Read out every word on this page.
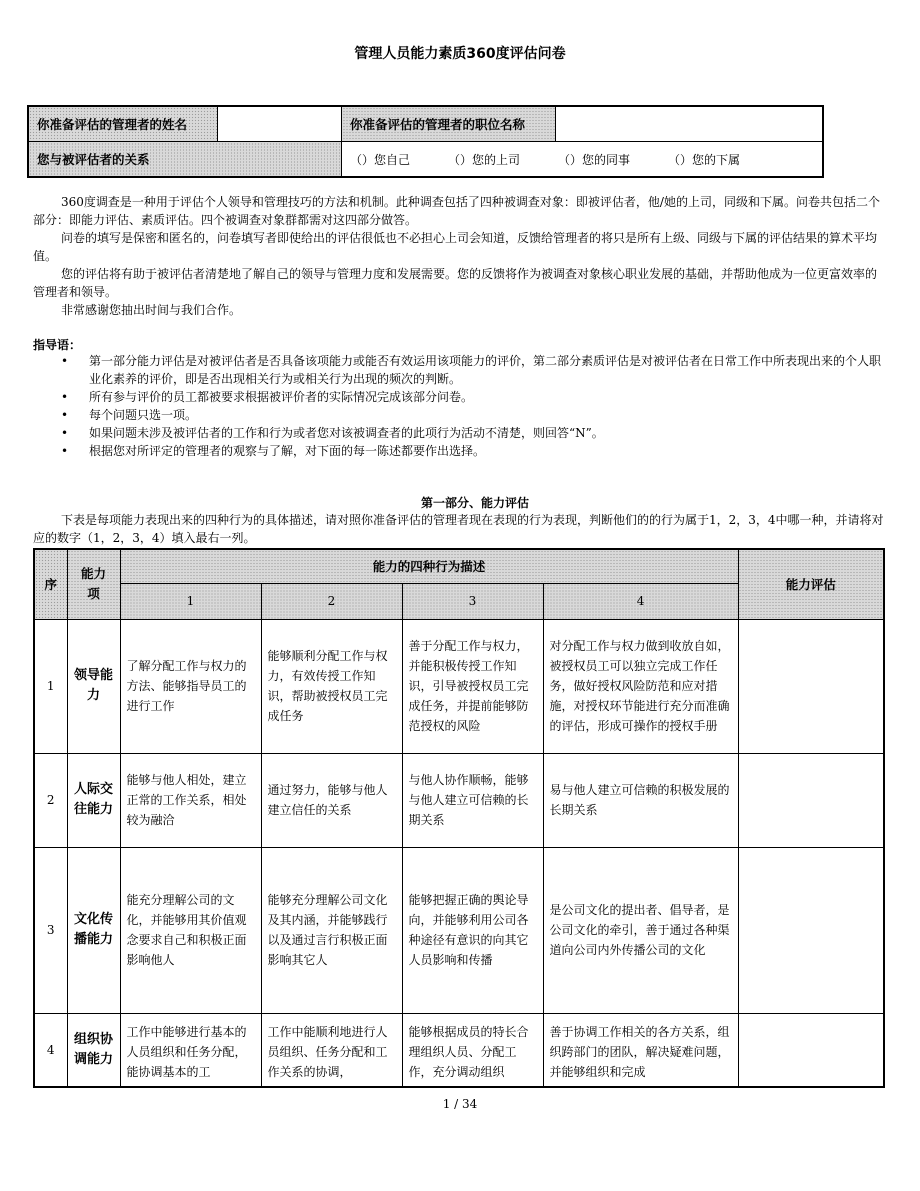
管理人员能力素质360度评估问卷
你准备评估的管理者的姓名		你准备评估的管理者的职位名称	
您与被评估者的关系		（）您自己 （）您的上司 （）您的同事 （）您的下属	

360度调查是一种用于评估个人领导和管理技巧的方法和机制。此种调查包括了四种被调查对象：即被评估者，他/她的上司，同级和下属。问卷共包括二个部分：即能力评估、素质评估。四个被调查对象群都需对这四部分做答。

问卷的填写是保密和匿名的，问卷填写者即使给出的评估很低也不必担心上司会知道，反馈给管理者的将只是所有上级、同级与下属的评估结果的算术平均值。

您的评估将有助于被评估者清楚地了解自己的领导与管理力度和发展需要。您的反馈将作为被调查对象核心职业发展的基础，并帮助他成为一位更富效率的管理者和领导。

非常感谢您抽出时间与我们合作。

指导语：
• 第一部分能力评估是对被评估者是否具备该项能力或能否有效运用该项能力的评价，第二部分素质评估是对被评估者在日常工作中所表现出来的个人职业化素养的评价，即是否出现相关行为或相关行为出现的频次的判断。
• 所有参与评价的员工都被要求根据被评价者的实际情况完成该部分问卷。
• 每个问题只选一项。
• 如果问题未涉及被评估者的工作和行为或者您对该被调查者的此项行为活动不清楚，则回答“N”。
• 根据您对所评定的管理者的观察与了解，对下面的每一陈述都要作出选择。
第一部分、能力评估

下表是每项能力表现出来的四种行为的具体描述，请对照你准备评估的管理者现在表现的行为表现，判断他们的的行为属于1，2，3，4中哪一种，并请将对应的数字（1，2，3，4）填入最右一列。

序	能力项	能力的四种行为描述				能力评估
		1	2	3	4	
1	领导能力	了解分配工作与权力的方法、能够指导员工的进行工作	能够顺利分配工作与权力，有效传授工作知识，帮助被授权员工完成任务	善于分配工作与权力，并能积极传授工作知识，引导被授权员工完成任务，并提前能够防范授权的风险	对分配工作与权力做到收放自如，被授权员工可以独立完成工作任务，做好授权风险防范和应对措施，对授权环节能进行充分而准确的评估，形成可操作的授权手册	
2	人际交往能力	能够与他人相处，建立正常的工作关系，相处较为融洽	通过努力，能够与他人建立信任的关系	与他人协作顺畅，能够与他人建立可信赖的长期关系	易与他人建立可信赖的积极发展的长期关系	
3	文化传播能力	能充分理解公司的文化，并能够用其价值观念要求自己和积极正面影响他人	能够充分理解公司文化及其内涵，并能够践行以及通过言行积极正面影响其它人	能够把握正确的舆论导向，并能够利用公司各种途径有意识的向其它人员影响和传播	是公司文化的提出者、倡导者，是公司文化的牵引，善于通过各种渠道向公司内外传播公司的文化	
4	组织协调能力	工作中能够进行基本的人员组织和任务分配，能协调基本的工	工作中能顺利地进行人员组织、任务分配和工作关系的协调，	能够根据成员的特长合理组织人员、分配工作，充分调动组织	善于协调工作相关的各方关系，组织跨部门的团队，解决疑难问题，并能够组织和完成	
1 / 34
